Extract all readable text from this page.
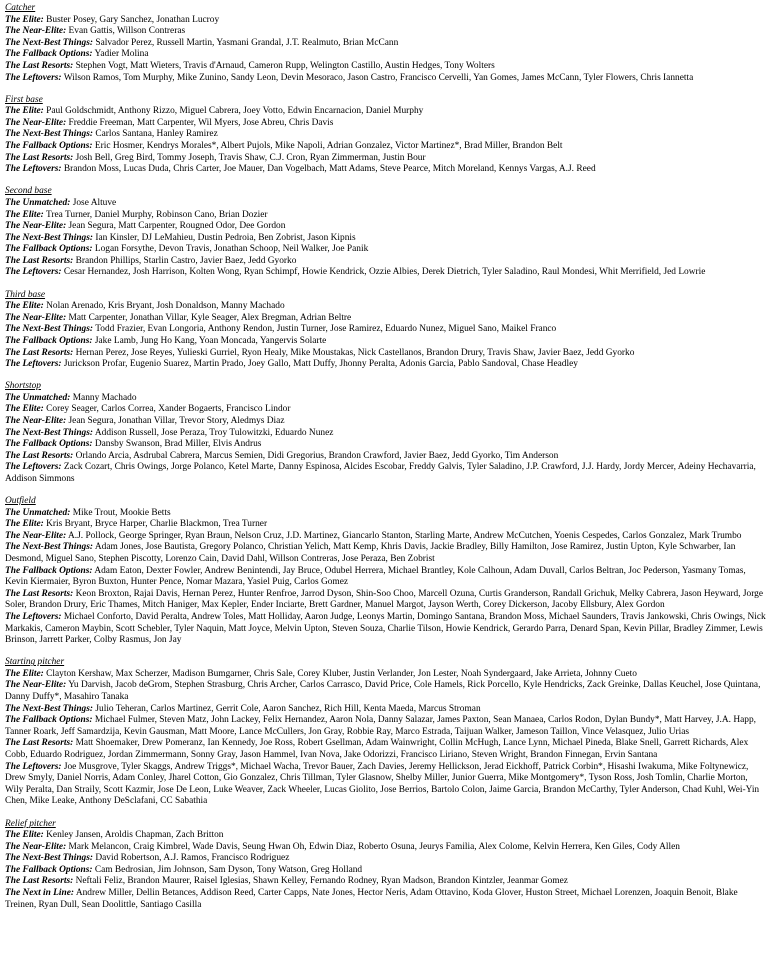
Catcher
The Elite: Buster Posey, Gary Sanchez, Jonathan Lucroy
The Near-Elite: Evan Gattis, Willson Contreras
The Next-Best Things: Salvador Perez, Russell Martin, Yasmani Grandal, J.T. Realmuto, Brian McCann
The Fallback Options: Yadier Molina
The Last Resorts: Stephen Vogt, Matt Wieters, Travis d'Arnaud, Cameron Rupp, Welington Castillo, Austin Hedges, Tony Wolters
The Leftovers: Wilson Ramos, Tom Murphy, Mike Zunino, Sandy Leon, Devin Mesoraco, Jason Castro, Francisco Cervelli, Yan Gomes, James McCann, Tyler Flowers, Chris Iannetta
First base
The Elite: Paul Goldschmidt, Anthony Rizzo, Miguel Cabrera, Joey Votto, Edwin Encarnacion, Daniel Murphy
The Near-Elite: Freddie Freeman, Matt Carpenter, Wil Myers, Jose Abreu, Chris Davis
The Next-Best Things: Carlos Santana, Hanley Ramirez
The Fallback Options: Eric Hosmer, Kendrys Morales*, Albert Pujols, Mike Napoli, Adrian Gonzalez, Victor Martinez*, Brad Miller, Brandon Belt
The Last Resorts: Josh Bell, Greg Bird, Tommy Joseph, Travis Shaw, C.J. Cron, Ryan Zimmerman, Justin Bour
The Leftovers: Brandon Moss, Lucas Duda, Chris Carter, Joe Mauer, Dan Vogelbach, Matt Adams, Steve Pearce, Mitch Moreland, Kennys Vargas, A.J. Reed
Second base
The Unmatched: Jose Altuve
The Elite: Trea Turner, Daniel Murphy, Robinson Cano, Brian Dozier
The Near-Elite: Jean Segura, Matt Carpenter, Rougned Odor, Dee Gordon
The Next-Best Things: Ian Kinsler, DJ LeMahieu, Dustin Pedroia, Ben Zobrist, Jason Kipnis
The Fallback Options: Logan Forsythe, Devon Travis, Jonathan Schoop, Neil Walker, Joe Panik
The Last Resorts: Brandon Phillips, Starlin Castro, Javier Baez, Jedd Gyorko
The Leftovers: Cesar Hernandez, Josh Harrison, Kolten Wong, Ryan Schimpf, Howie Kendrick, Ozzie Albies, Derek Dietrich, Tyler Saladino, Raul Mondesi, Whit Merrifield, Jed Lowrie
Third base
The Elite: Nolan Arenado, Kris Bryant, Josh Donaldson, Manny Machado
The Near-Elite: Matt Carpenter, Jonathan Villar, Kyle Seager, Alex Bregman, Adrian Beltre
The Next-Best Things: Todd Frazier, Evan Longoria, Anthony Rendon, Justin Turner, Jose Ramirez, Eduardo Nunez, Miguel Sano, Maikel Franco
The Fallback Options: Jake Lamb, Jung Ho Kang, Yoan Moncada, Yangervis Solarte
The Last Resorts: Hernan Perez, Jose Reyes, Yulieski Gurriel, Ryon Healy, Mike Moustakas, Nick Castellanos, Brandon Drury, Travis Shaw, Javier Baez, Jedd Gyorko
The Leftovers: Jurickson Profar, Eugenio Suarez, Martin Prado, Joey Gallo, Matt Duffy, Jhonny Peralta, Adonis Garcia, Pablo Sandoval, Chase Headley
Shortstop
The Unmatched: Manny Machado
The Elite: Corey Seager, Carlos Correa, Xander Bogaerts, Francisco Lindor
The Near-Elite: Jean Segura, Jonathan Villar, Trevor Story, Aledmys Diaz
The Next-Best Things: Addison Russell, Jose Peraza, Troy Tulowitzki, Eduardo Nunez
The Fallback Options: Dansby Swanson, Brad Miller, Elvis Andrus
The Last Resorts: Orlando Arcia, Asdrubal Cabrera, Marcus Semien, Didi Gregorius, Brandon Crawford, Javier Baez, Jedd Gyorko, Tim Anderson
The Leftovers: Zack Cozart, Chris Owings, Jorge Polanco, Ketel Marte, Danny Espinosa, Alcides Escobar, Freddy Galvis, Tyler Saladino, J.P. Crawford, J.J. Hardy, Jordy Mercer, Adeiny Hechavarria, Addison Simmons
Outfield
The Unmatched: Mike Trout, Mookie Betts
The Elite: Kris Bryant, Bryce Harper, Charlie Blackmon, Trea Turner
The Near-Elite: A.J. Pollock, George Springer, Ryan Braun, Nelson Cruz, J.D. Martinez, Giancarlo Stanton, Starling Marte, Andrew McCutchen, Yoenis Cespedes, Carlos Gonzalez, Mark Trumbo
The Next-Best Things: Adam Jones, Jose Bautista, Gregory Polanco, Christian Yelich, Matt Kemp, Khris Davis, Jackie Bradley, Billy Hamilton, Jose Ramirez, Justin Upton, Kyle Schwarber, Ian Desmond, Miguel Sano, Stephen Piscotty, Lorenzo Cain, David Dahl, Willson Contreras, Jose Peraza, Ben Zobrist
The Fallback Options: Adam Eaton, Dexter Fowler, Andrew Benintendi, Jay Bruce, Odubel Herrera, Michael Brantley, Kole Calhoun, Adam Duvall, Carlos Beltran, Joc Pederson, Yasmany Tomas, Kevin Kiermaier, Byron Buxton, Hunter Pence, Nomar Mazara, Yasiel Puig, Carlos Gomez
The Last Resorts: Keon Broxton, Rajai Davis, Hernan Perez, Hunter Renfroe, Jarrod Dyson, Shin-Soo Choo, Marcell Ozuna, Curtis Granderson, Randall Grichuk, Melky Cabrera, Jason Heyward, Jorge Soler, Brandon Drury, Eric Thames, Mitch Haniger, Max Kepler, Ender Inciarte, Brett Gardner, Manuel Margot, Jayson Werth, Corey Dickerson, Jacoby Ellsbury, Alex Gordon
The Leftovers: Michael Conforto, David Peralta, Andrew Toles, Matt Holliday, Aaron Judge, Leonys Martin, Domingo Santana, Brandon Moss, Michael Saunders, Travis Jankowski, Chris Owings, Nick Markakis, Cameron Maybin, Scott Schebler, Tyler Naquin, Matt Joyce, Melvin Upton, Steven Souza, Charlie Tilson, Howie Kendrick, Gerardo Parra, Denard Span, Kevin Pillar, Bradley Zimmer, Lewis Brinson, Jarrett Parker, Colby Rasmus, Jon Jay
Starting pitcher
The Elite: Clayton Kershaw, Max Scherzer, Madison Bumgarner, Chris Sale, Corey Kluber, Justin Verlander, Jon Lester, Noah Syndergaard, Jake Arrieta, Johnny Cueto
The Near-Elite: Yu Darvish, Jacob deGrom, Stephen Strasburg, Chris Archer, Carlos Carrasco, David Price, Cole Hamels, Rick Porcello, Kyle Hendricks, Zack Greinke, Dallas Keuchel, Jose Quintana, Danny Duffy*, Masahiro Tanaka
The Next-Best Things: Julio Teheran, Carlos Martinez, Gerrit Cole, Aaron Sanchez, Rich Hill, Kenta Maeda, Marcus Stroman
The Fallback Options: Michael Fulmer, Steven Matz, John Lackey, Felix Hernandez, Aaron Nola, Danny Salazar, James Paxton, Sean Manaea, Carlos Rodon, Dylan Bundy*, Matt Harvey, J.A. Happ, Tanner Roark, Jeff Samardzija, Kevin Gausman, Matt Moore, Lance McCullers, Jon Gray, Robbie Ray, Marco Estrada, Taijuan Walker, Jameson Taillon, Vince Velasquez, Julio Urias
The Last Resorts: Matt Shoemaker, Drew Pomeranz, Ian Kennedy, Joe Ross, Robert Gsellman, Adam Wainwright, Collin McHugh, Lance Lynn, Michael Pineda, Blake Snell, Garrett Richards, Alex Cobb, Eduardo Rodriguez, Jordan Zimmermann, Sonny Gray, Jason Hammel, Ivan Nova, Jake Odorizzi, Francisco Liriano, Steven Wright, Brandon Finnegan, Ervin Santana
The Leftovers: Joe Musgrove, Tyler Skaggs, Andrew Triggs*, Michael Wacha, Trevor Bauer, Zach Davies, Jeremy Hellickson, Jerad Eickhoff, Patrick Corbin*, Hisashi Iwakuma, Mike Foltynewicz, Drew Smyly, Daniel Norris, Adam Conley, Jharel Cotton, Gio Gonzalez, Chris Tillman, Tyler Glasnow, Shelby Miller, Junior Guerra, Mike Montgomery*, Tyson Ross, Josh Tomlin, Charlie Morton, Wily Peralta, Dan Straily, Scott Kazmir, Jose De Leon, Luke Weaver, Zack Wheeler, Lucas Giolito, Jose Berrios, Bartolo Colon, Jaime Garcia, Brandon McCarthy, Tyler Anderson, Chad Kuhl, Wei-Yin Chen, Mike Leake, Anthony DeSclafani, CC Sabathia
Relief pitcher
The Elite: Kenley Jansen, Aroldis Chapman, Zach Britton
The Near-Elite: Mark Melancon, Craig Kimbrel, Wade Davis, Seung Hwan Oh, Edwin Diaz, Roberto Osuna, Jeurys Familia, Alex Colome, Kelvin Herrera, Ken Giles, Cody Allen
The Next-Best Things: David Robertson, A.J. Ramos, Francisco Rodriguez
The Fallback Options: Cam Bedrosian, Jim Johnson, Sam Dyson, Tony Watson, Greg Holland
The Last Resorts: Neftali Feliz, Brandon Maurer, Raisel Iglesias, Shawn Kelley, Fernando Rodney, Ryan Madson, Brandon Kintzler, Jeanmar Gomez
The Next in Line: Andrew Miller, Dellin Betances, Addison Reed, Carter Capps, Nate Jones, Hector Neris, Adam Ottavino, Koda Glover, Huston Street, Michael Lorenzen, Joaquin Benoit, Blake Treinen, Ryan Dull, Sean Doolittle, Santiago Casilla
